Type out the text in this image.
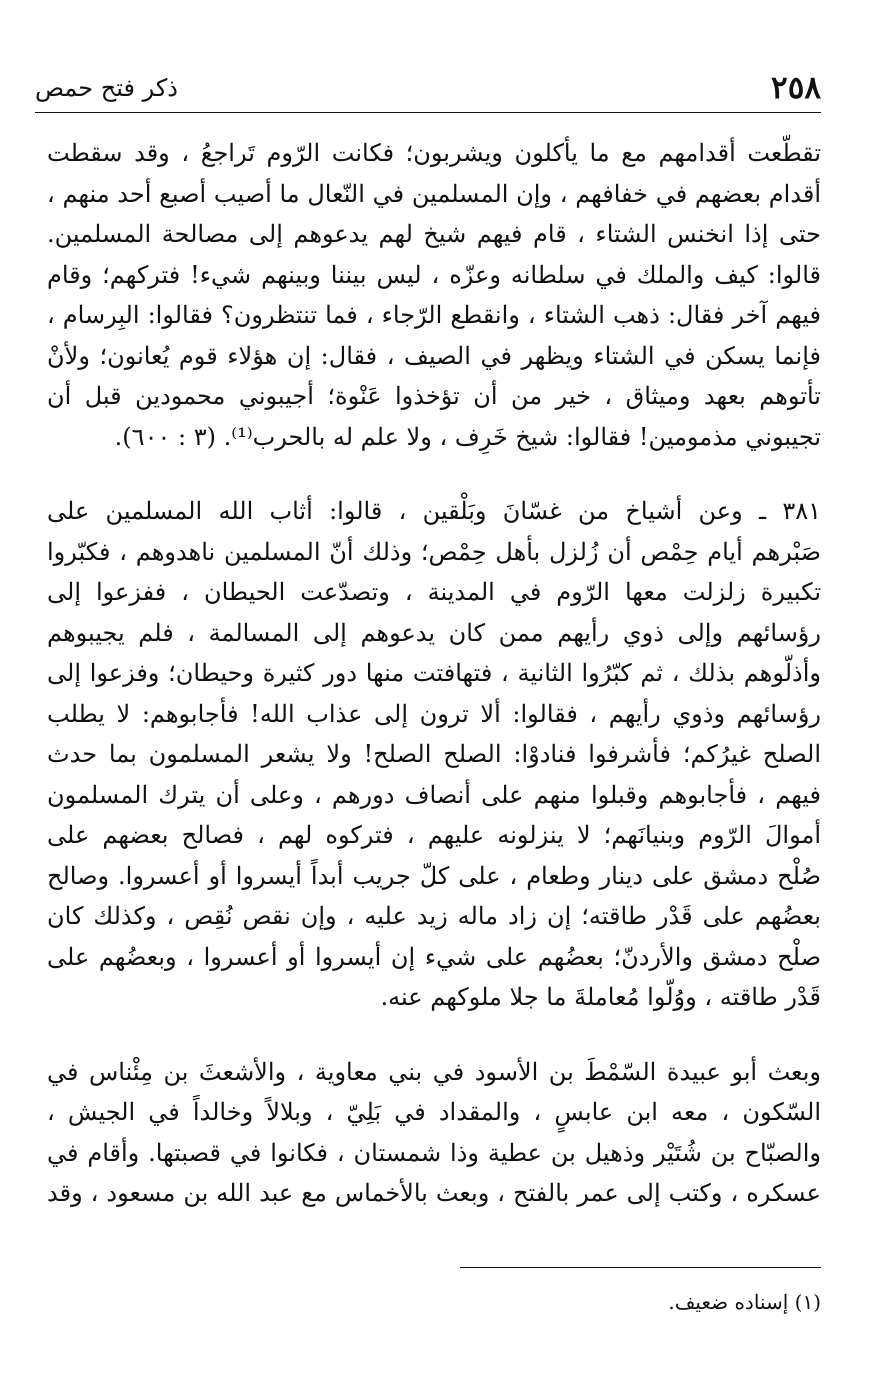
٢٥٨
ذكر فتح حمص
تقطّعت أقدامهم مع ما يأكلون ويشربون؛ فكانت الرّوم تَراجعُ ، وقد سقطت
أقدام بعضهم في خفافهم ، وإن المسلمين في النّعال ما أصيب أصبع أحد منهم ،
حتى إذا انخنس الشتاء ، قام فيهم شيخ لهم يدعوهم إلى مصالحة المسلمين.
قالوا: كيف والملك في سلطانه وعزّه ، ليس بيننا وبينهم شيء! فتركهم؛ وقام
فيهم آخر فقال: ذهب الشتاء ، وانقطع الرّجاء ، فما تنتظرون؟ فقالوا: البِرسام ،
فإنما يسكن في الشتاء ويظهر في الصيف ، فقال: إن هؤلاء قوم يُعانون؛ ولأنْ
تأتوهم بعهد وميثاق ، خير من أن تؤخذوا عَنْوة؛ أجيبوني محمودين قبل أن
تجيبوني مذمومين! فقالوا: شيخ خَرِف ، ولا علم له بالحرب⁽¹⁾. (٣ : ٦٠٠).
٣٨١ ـ وعن أشياخ من غسّانَ وبَلْقين ، قالوا: أثاب الله المسلمين على
صَبْرهم أيام حِمْص أن زُلزل بأهل حِمْص؛ وذلك أنّ المسلمين ناهدوهم ، فكبّروا
تكبيرة زلزلت معها الرّوم في المدينة ، وتصدّعت الحيطان ، ففزعوا إلى
رؤسائهم وإلى ذوي رأيهم ممن كان يدعوهم إلى المسالمة ، فلم يجيبوهم
وأذلّوهم بذلك ، ثم كبّرُوا الثانية ، فتهافتت منها دور كثيرة وحيطان؛ وفزعوا إلى
رؤسائهم وذوي رأيهم ، فقالوا: ألا ترون إلى عذاب الله! فأجابوهم: لا يطلب
الصلح غيرُكم؛ فأشرفوا فنادوْا: الصلح الصلح! ولا يشعر المسلمون بما حدث
فيهم ، فأجابوهم وقبلوا منهم على أنصاف دورهم ، وعلى أن يترك المسلمون
أموالَ الرّوم وبنيانَهم؛ لا ينزلونه عليهم ، فتركوه لهم ، فصالح بعضهم على
صُلْح دمشق على دينار وطعام ، على كلّ جريب أبداً أيسروا أو أعسروا. وصالح
بعضُهم على قَدْر طاقته؛ إن زاد ماله زيد عليه ، وإن نقص نُقِص ، وكذلك كان
صلْح دمشق والأردنّ؛ بعضُهم على شيء إن أيسروا أو أعسروا ، وبعضُهم على
قَدْر طاقته ، ووُلّوا مُعاملةَ ما جلا ملوكهم عنه.
وبعث أبو عبيدة السّمْطَ بن الأسود في بني معاوية ، والأشعثَ بن مِئْناس في
السّكون ، معه ابن عابسٍ ، والمقداد في بَلِيّ ، وبلالاً وخالداً في الجيش ،
والصبّاح بن شُتَيْر وذهيل بن عطية وذا شمستان ، فكانوا في قصبتها. وأقام في
عسكره ، وكتب إلى عمر بالفتح ، وبعث بالأخماس مع عبد الله بن مسعود ، وقد
(١) إسناده ضعيف.
